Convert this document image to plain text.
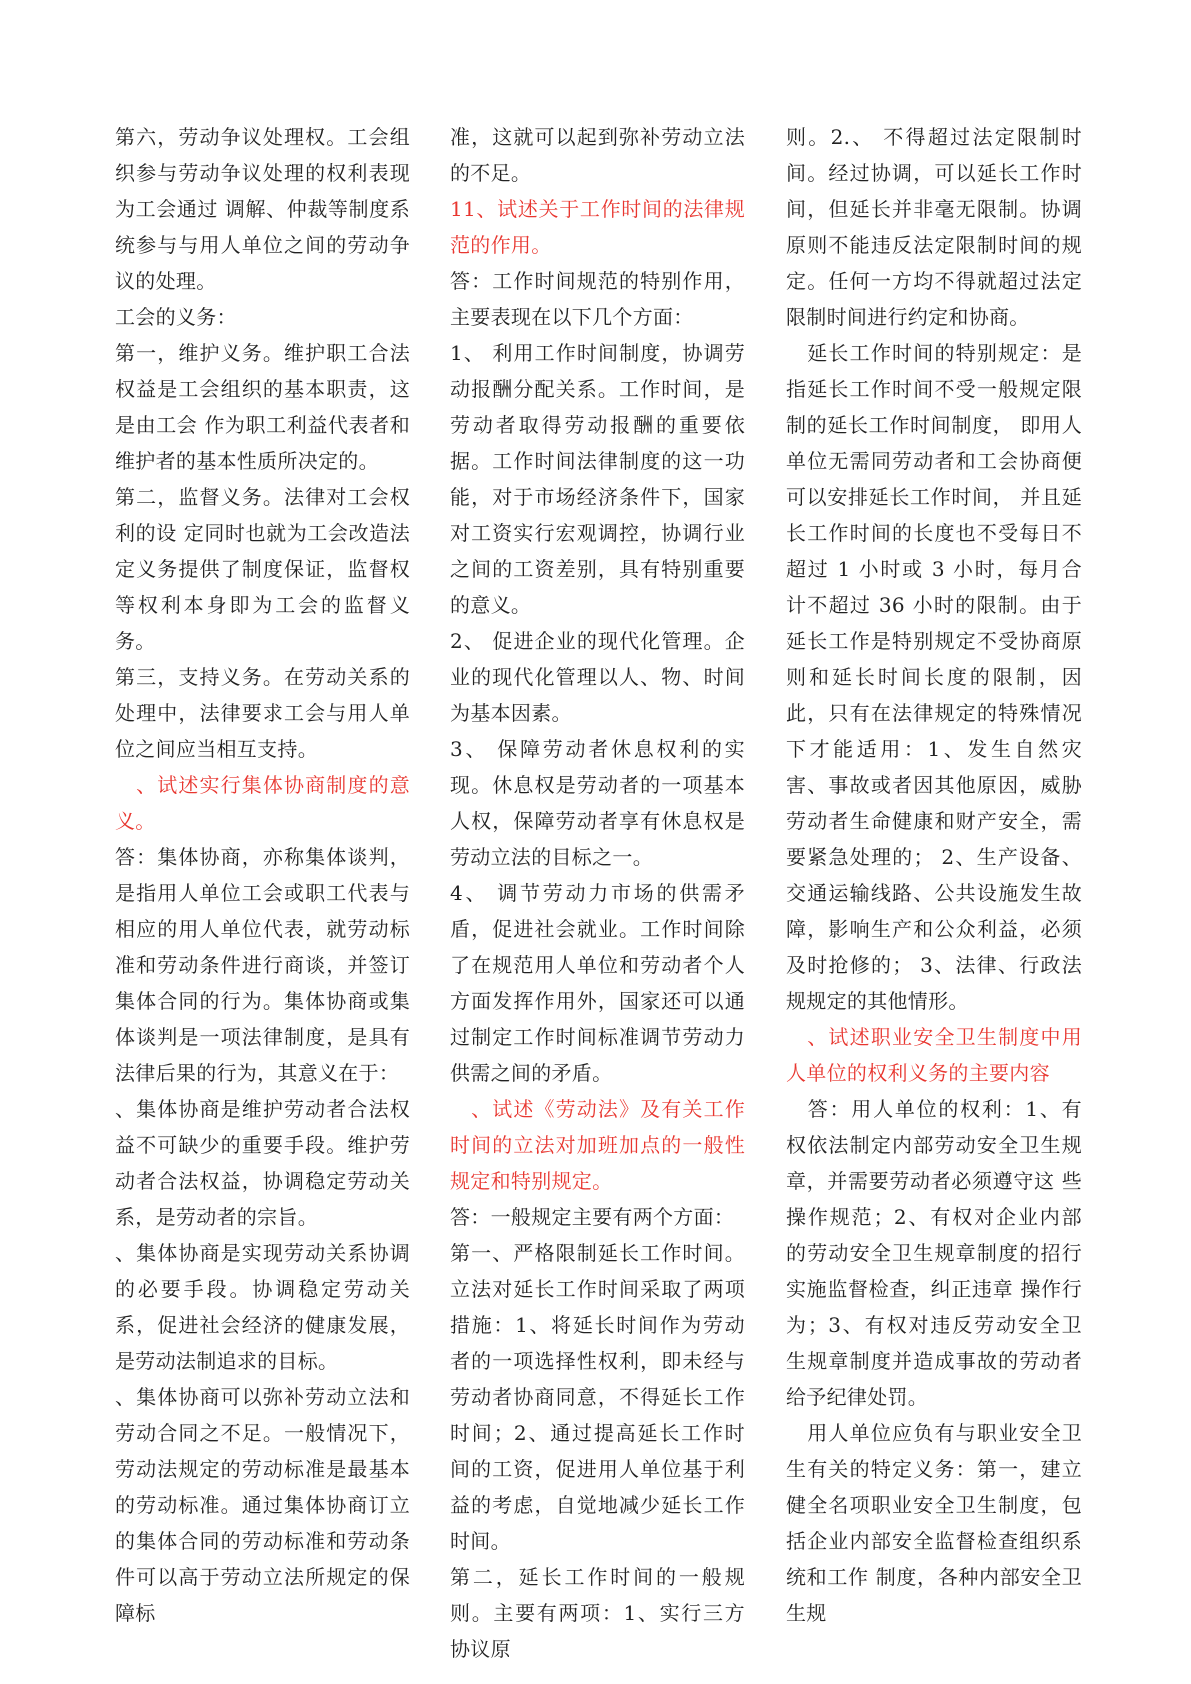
第六，劳动争议处理权。工会组织参与劳动争议处理的权利表现为工会通过 调解、仲裁等制度系统参与与用人单位之间的劳动争议的处理。

工会的义务：

第一，维护义务。维护职工合法权益是工会组织的基本职责，这是由工会 作为职工利益代表者和维护者的基本性质所决定的。

第二，监督义务。法律对工会权利的设 定同时也就为工会改造法定义务提供了制度保证，监督权等权利本身即为工会的监督义务。

第三，支持义务。在劳动关系的处理中，法律要求工会与用人单位之间应当相互支持。

　、试述实行集体协商制度的意义。

答：集体协商，亦称集体谈判，是指用人单位工会或职工代表与相应的用人单位代表，就劳动标准和劳动条件进行商谈，并签订集体合同的行为。集体协商或集体谈判是一项法律制度，是具有法律后果的行为，其意义在于：

、集体协商是维护劳动者合法权益不可缺少的重要手段。维护劳动者合法权益，协调稳定劳动关系，是劳动者的宗旨。

、集体协商是实现劳动关系协调的必要手段。协调稳定劳动关系，促进社会经济的健康发展，是劳动法制追求的目标。

、集体协商可以弥补劳动立法和劳动合同之不足。一般情况下，劳动法规定的劳动标准是最基本的劳动标准。通过集体协商订立的集体合同的劳动标准和劳动条件可以高于劳动立法所规定的保障标

准，这就可以起到弥补劳动立法的不足。

11、试述关于工作时间的法律规范的作用。

答：工作时间规范的特别作用，主要表现在以下几个方面：

1、 利用工作时间制度，协调劳动报酬分配关系。工作时间，是劳动者取得劳动报酬的重要依据。工作时间法律制度的这一功能，对于市场经济条件下，国家对工资实行宏观调控，协调行业之间的工资差别，具有特别重要的意义。

2、 促进企业的现代化管理。企业的现代化管理以人、物、时间为基本因素。

3、 保障劳动者休息权利的实现。休息权是劳动者的一项基本人权，保障劳动者享有休息权是劳动立法的目标之一。

4、 调节劳动力市场的供需矛盾，促进社会就业。工作时间除了在规范用人单位和劳动者个人方面发挥作用外，国家还可以通过制定工作时间标准调节劳动力供需之间的矛盾。

　、试述《劳动法》及有关工作时间的立法对加班加点的一般性规定和特别规定。

答：一般规定主要有两个方面：

第一、严格限制延长工作时间。立法对延长工作时间采取了两项措施：1、将延长时间作为劳动者的一项选择性权利，即未经与劳动者协商同意，不得延长工作时间；2、通过提高延长工作时间的工资，促进用人单位基于利益的考虑，自觉地减少延长工作时间。

第二，延长工作时间的一般规则。主要有两项：1、实行三方协议原

则。2.、 不得超过法定限制时间。经过协调，可以延长工作时间，但延长并非毫无限制。协调原则不能违反法定限制时间的规定。任何一方均不得就超过法定限制时间进行约定和协商。

　延长工作时间的特别规定：是指延长工作时间不受一般规定限制的延长工作时间制度， 即用人单位无需同劳动者和工会协商便可以安排延长工作时间， 并且延长工作时间的长度也不受每日不超过 1 小时或 3 小时，每月合计不超过 36 小时的限制。由于延长工作是特别规定不受协商原则和延长时间长度的限制，因此，只有在法律规定的特殊情况下才能适用：1、发生自然灾害、事故或者因其他原因，威胁劳动者生命健康和财产安全，需要紧急处理的； 2、生产设备、交通运输线路、公共设施发生故障，影响生产和公众利益，必须及时抢修的； 3、法律、行政法规规定的其他情形。

　、试述职业安全卫生制度中用人单位的权利义务的主要内容

　答：用人单位的权利：1、有权依法制定内部劳动安全卫生规章，并需要劳动者必须遵守这 些操作规范；2、有权对企业内部的劳动安全卫生规章制度的招行实施监督检查，纠正违章 操作行为；3、有权对违反劳动安全卫生规章制度并造成事故的劳动者给予纪律处罚。

　用人单位应负有与职业安全卫生有关的特定义务：第一，建立健全名项职业安全卫生制度，包括企业内部安全监督检查组织系统和工作 制度，各种内部安全卫生规
